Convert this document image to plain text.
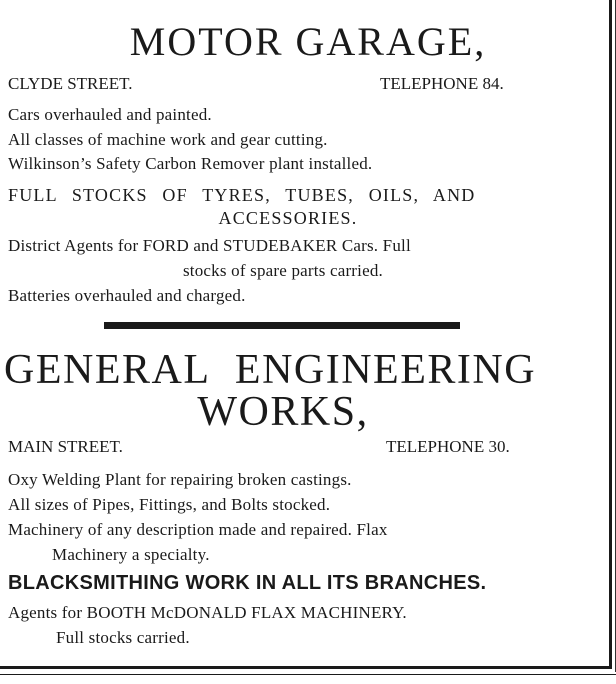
MOTOR GARAGE,
CLYDE STREET.	TELEPHONE 84.
Cars overhauled and painted.
All classes of machine work and gear cutting.
Wilkinson’s Safety Carbon Remover plant installed.
FULL STOCKS OF TYRES, TUBES, OILS, AND
ACCESSORIES.
District Agents for FORD and STUDEBAKER Cars. Full
stocks of spare parts carried.
Batteries overhauled and charged.
GENERAL ENGINEERING
WORKS,
MAIN STREET.	TELEPHONE 30.
Oxy Welding Plant for repairing broken castings.
All sizes of Pipes, Fittings, and Bolts stocked.
Machinery of any description made and repaired. Flax
Machinery a specialty.
BLACKSMITHING WORK IN ALL ITS BRANCHES.
Agents for BOOTH McDONALD FLAX MACHINERY.
Full stocks carried.
